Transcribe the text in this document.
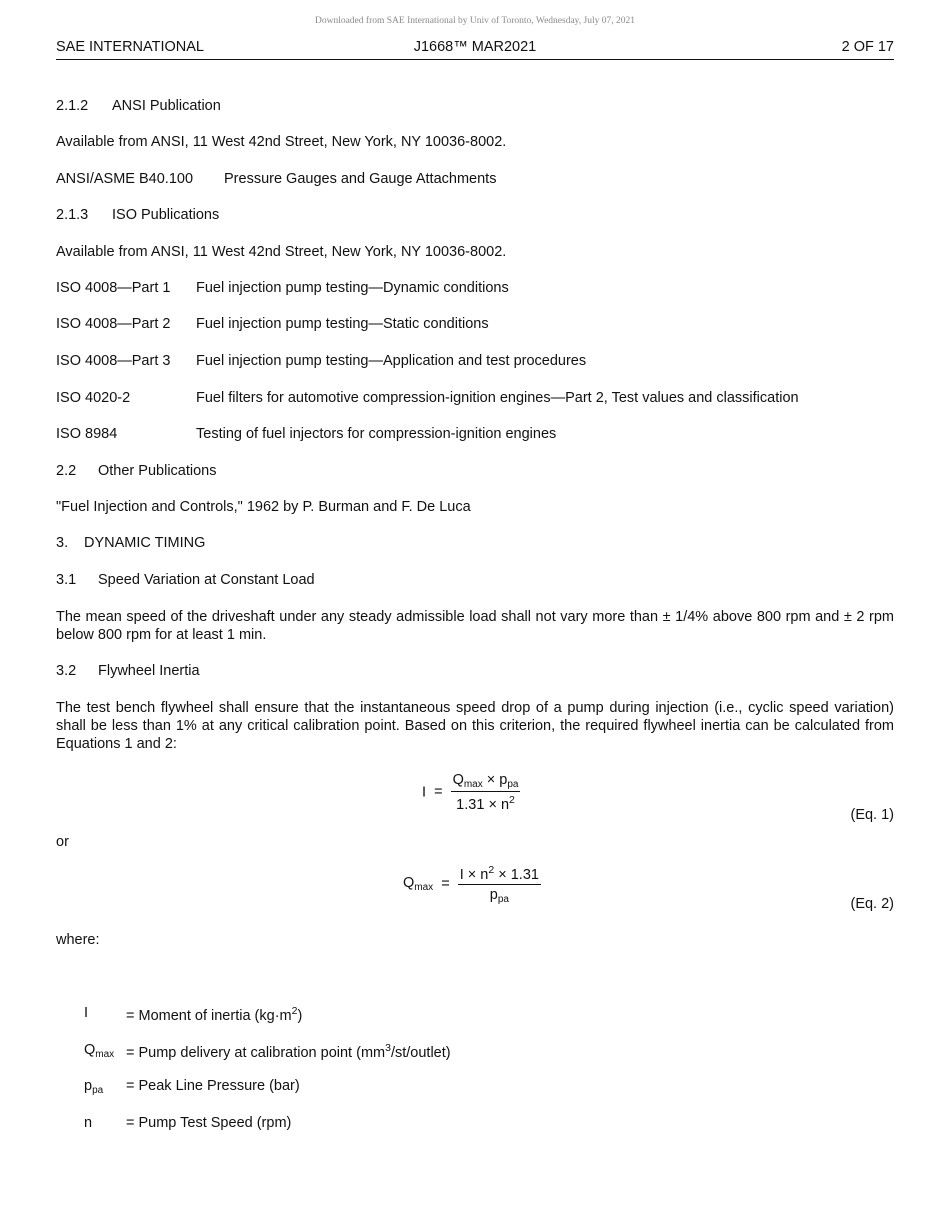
Downloaded from SAE International by Univ of Toronto, Wednesday, July 07, 2021
SAE INTERNATIONAL	J1668™ MAR2021	2 OF 17
2.1.2 ANSI Publication
Available from ANSI, 11 West 42nd Street, New York, NY 10036-8002.
ANSI/ASME B40.100 Pressure Gauges and Gauge Attachments
2.1.3 ISO Publications
Available from ANSI, 11 West 42nd Street, New York, NY 10036-8002.
ISO 4008—Part 1 Fuel injection pump testing—Dynamic conditions
ISO 4008—Part 2 Fuel injection pump testing—Static conditions
ISO 4008—Part 3 Fuel injection pump testing—Application and test procedures
ISO 4020-2	Fuel filters for automotive compression-ignition engines—Part 2, Test values and classification
ISO 8984	Testing of fuel injectors for compression-ignition engines
2.2 Other Publications
"Fuel Injection and Controls," 1962 by P. Burman and F. De Luca
3. DYNAMIC TIMING
3.1 Speed Variation at Constant Load
The mean speed of the driveshaft under any steady admissible load shall not vary more than ± 1/4% above 800 rpm and ± 2 rpm below 800 rpm for at least 1 min.
3.2 Flywheel Inertia
The test bench flywheel shall ensure that the instantaneous speed drop of a pump during injection (i.e., cyclic speed variation) shall be less than 1% at any critical calibration point. Based on this criterion, the required flywheel inertia can be calculated from Equations 1 and 2:
$I = \frac{Q_{max} \times p_{pa}}{1.31 \times n^2}$
(Eq. 1)
or
$Q_{max} = \frac{I \times n^2 \times 1.31}{p_{pa}}$	(Eq. 2)
where:
I	= Moment of inertia $(kg\cdot m^2)$
$Q_{max}$ = Pump delivery at calibration point $(mm^3/st/outlet)$
$p_{pa}$ = Peak Line Pressure (bar)
n = Pump Test Speed (rpm)
